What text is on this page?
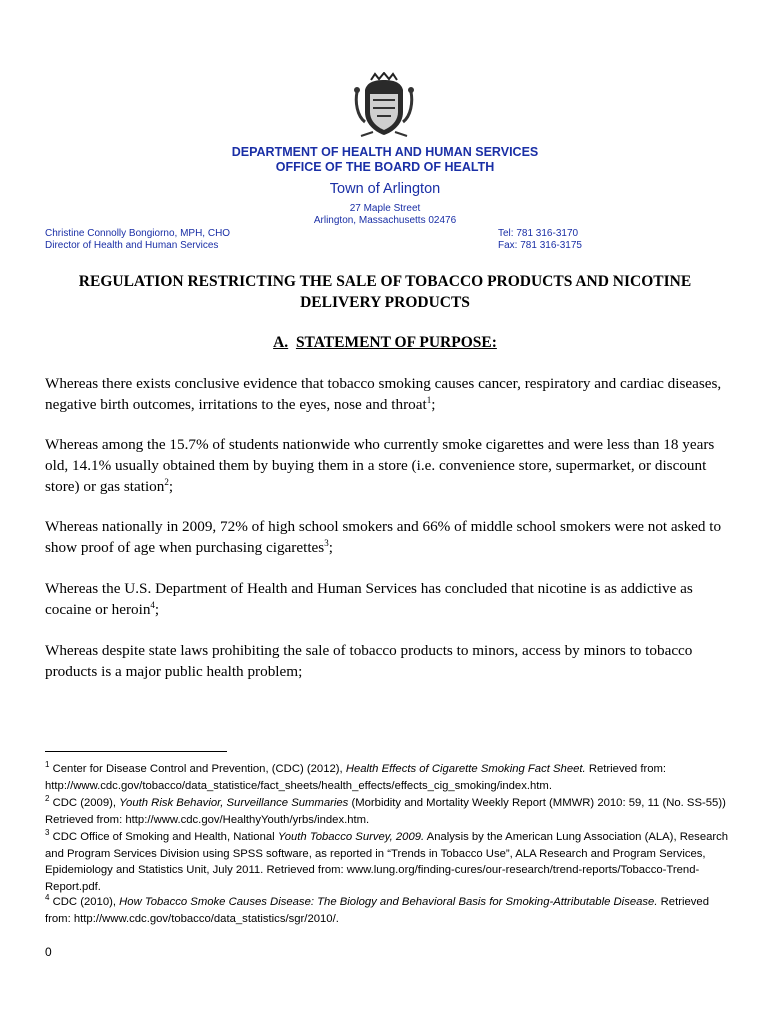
DEPARTMENT OF HEALTH AND HUMAN SERVICES
OFFICE OF THE BOARD OF HEALTH
Town of Arlington
27 Maple Street
Arlington, Massachusetts 02476
Christine Connolly Bongiorno, MPH, CHO
Director of Health and Human Services
Tel: 781 316-3170
Fax: 781 316-3175
REGULATION RESTRICTING THE SALE OF TOBACCO PRODUCTS AND NICOTINE
DELIVERY PRODUCTS
A. STATEMENT OF PURPOSE:
Whereas there exists conclusive evidence that tobacco smoking causes cancer, respiratory and cardiac diseases, negative birth outcomes, irritations to the eyes, nose and throat$^1$;
Whereas among the 15.7% of students nationwide who currently smoke cigarettes and were less than 18 years old, 14.1% usually obtained them by buying them in a store (i.e. convenience store, supermarket, or discount store) or gas station$^2$;
Whereas nationally in 2009, 72% of high school smokers and 66% of middle school smokers were not asked to show proof of age when purchasing cigarettes$^3$;
Whereas the U.S. Department of Health and Human Services has concluded that nicotine is as addictive as cocaine or heroin$^4$;
Whereas despite state laws prohibiting the sale of tobacco products to minors, access by minors to tobacco products is a major public health problem;
$^1$ Center for Disease Control and Prevention, (CDC) (2012), Health Effects of Cigarette Smoking Fact Sheet. Retrieved from: http://www.cdc.gov/tobacco/data_statistice/fact_sheets/health_effects/effects_cig_smoking/index.htm.
$^2$ CDC (2009), Youth Risk Behavior, Surveillance Summaries (Morbidity and Mortality Weekly Report (MMWR) 2010: 59, 11 (No. SS-55)) Retrieved from: http://www.cdc.gov/HealthyYouth/yrbs/index.htm.
$^3$ CDC Office of Smoking and Health, National Youth Tobacco Survey, 2009. Analysis by the American Lung Association (ALA), Research and Program Services Division using SPSS software, as reported in “Trends in Tobacco Use”, ALA Research and Program Services, Epidemiology and Statistics Unit, July 2011. Retrieved from: www.lung.org/finding-cures/our-research/trend-reports/Tobacco-Trend-Report.pdf.
$^4$ CDC (2010), How Tobacco Smoke Causes Disease: The Biology and Behavioral Basis for Smoking-Attributable Disease. Retrieved from: http://www.cdc.gov/tobacco/data_statistics/sgr/2010/.
0
